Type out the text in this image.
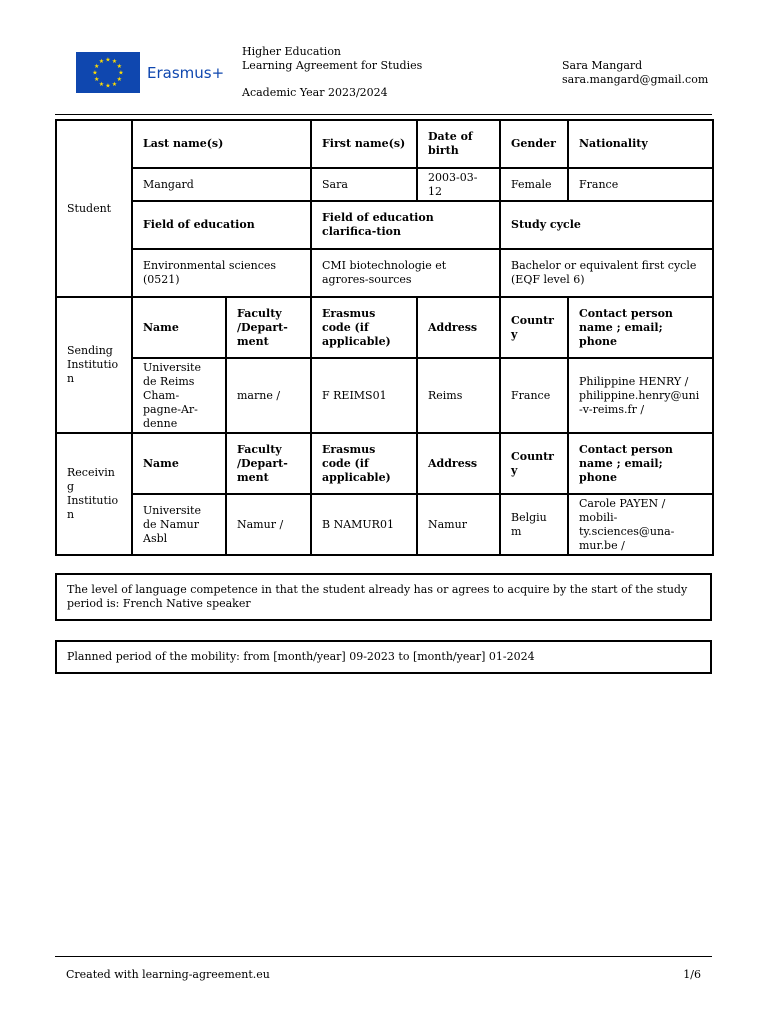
★ ★
★
★
★
★
★
★
★
★
★
★
Erasmus+
Higher Education
Learning Agreement for Studies
Academic Year 2023/2024
Sara Mangard
sara.mangard@gmail.com
Student	Last name(s)		First name(s)	Date of birth	Gender	Nationality
	Mangard		Sara	2003-03-12	Female	France
	Field of education		Field of education clarifica-tion		Study cycle	
	Environmental sciences (0521)		CMI biotechnologie et agrores-sources		Bachelor or equivalent first cycle (EQF level 6)	
Sending Institution	Name	Faculty /Depart-ment	Erasmus code (if applicable)	Address	Country	Contact person name ; email; phone
	Universite de Reims Cham-pagne-Ar-denne	marne /	F REIMS01	Reims	France	Philippine HENRY / philippine.henry@uni-v-reims.fr /
Receiving Institution	Name	Faculty /Depart-ment	Erasmus code (if applicable)	Address	Country	Contact person name ; email; phone
	Universite de Namur Asbl	Namur /	B NAMUR01	Namur	Belgium	Carole PAYEN / mobili-ty.sciences@una-mur.be /
The level of language competence in that the student already has or agrees to acquire by the start of the study period is: French Native speaker
Planned period of the mobility: from [month/year] 09-2023 to [month/year] 01-2024
Created with learning-agreement.eu	1/6
